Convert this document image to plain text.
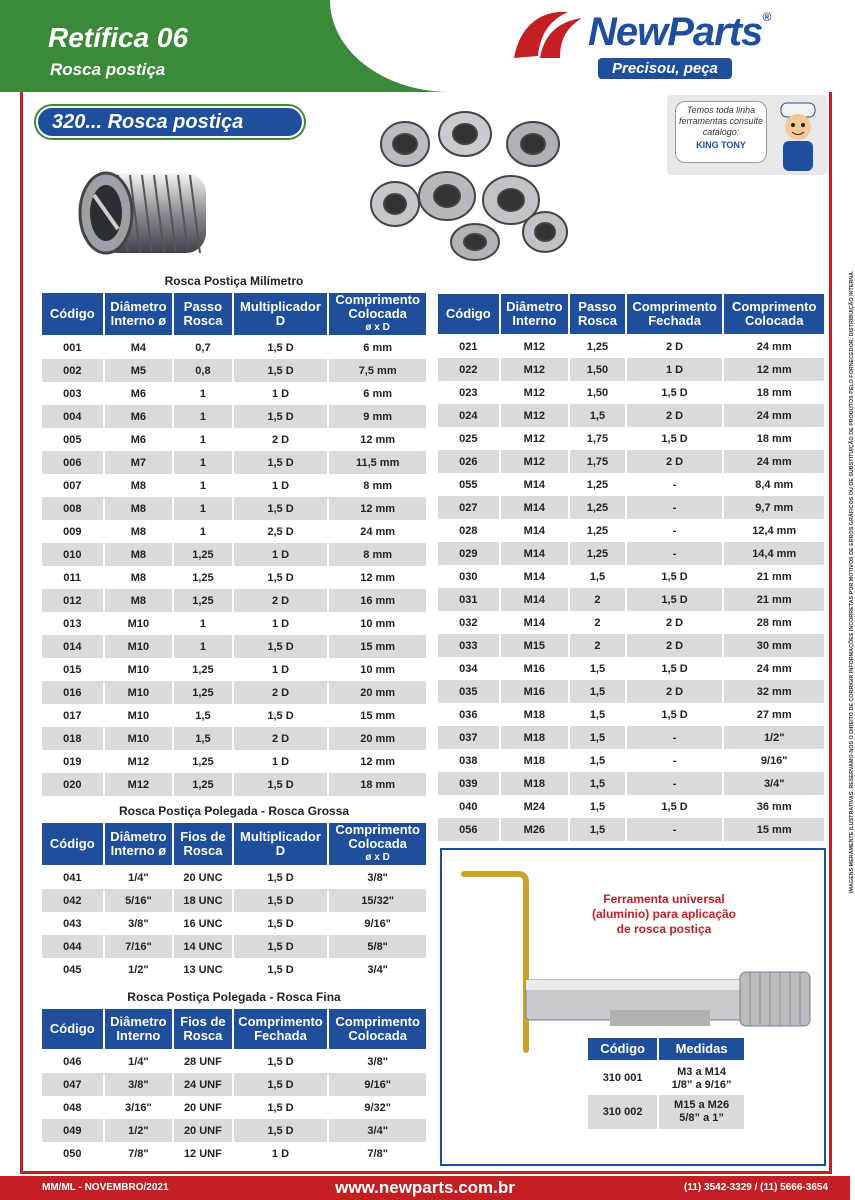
Retífica 06
Rosca postiça
NewParts®
Precisou, peça
320... Rosca postiça
Temos toda linha ferramentas consulte catálogo:
KING TONY
Rosca Postiça Milímetro				
Código	Diâmetro Interno ø	Passo Rosca	Multiplicador D	Comprimento Colocada
ø x D

001	M4	0,7	1,5 D	6 mm
002	M5	0,8	1,5 D	7,5 mm
003	M6	1	1 D	6 mm
004	M6	1	1,5 D	9 mm
005	M6	1	2 D	12 mm
006	M7	1	1,5 D	11,5 mm
007	M8	1	1 D	8 mm
008	M8	1	1,5 D	12 mm
009	M8	1	2,5 D	24 mm
010	M8	1,25	1 D	8 mm
011	M8	1,25	1,5 D	12 mm
012	M8	1,25	2 D	16 mm
013	M10	1	1 D	10 mm
014	M10	1	1,5 D	15 mm
015	M10	1,25	1 D	10 mm
016	M10	1,25	2 D	20 mm
017	M10	1,5	1,5 D	15 mm
018	M10	1,5	2 D	20 mm
019	M12	1,25	1 D	12 mm
020	M12	1,25	1,5 D	18 mm
Código	Diâmetro Interno	Passo Rosca	Comprimento Fechada	Comprimento Colocada
021	M12	1,25	2 D	24 mm
022	M12	1,50	1 D	12 mm
023	M12	1,50	1,5 D	18 mm
024	M12	1,5	2 D	24 mm
025	M12	1,75	1,5 D	18 mm
026	M12	1,75	2 D	24 mm
055	M14	1,25	-	8,4 mm
027	M14	1,25	-	9,7 mm
028	M14	1,25	-	12,4 mm
029	M14	1,25	-	14,4 mm
030	M14	1,5	1,5 D	21 mm
031	M14	2	1,5 D	21 mm
032	M14	2	2 D	28 mm
033	M15	2	2 D	30 mm
034	M16	1,5	1,5 D	24 mm
035	M16	1,5	2 D	32 mm
036	M18	1,5	1,5 D	27 mm
037	M18	1,5	-	1/2"
038	M18	1,5	-	9/16"
039	M18	1,5	-	3/4"
040	M24	1,5	1,5 D	36 mm
056	M26	1,5	-	15 mm
Rosca Postiça Polegada - Rosca Grossa				
Código	Diâmetro Interno ø	Fios de Rosca	Multiplicador D	Comprimento Colocada
ø x D

041	1/4"	20 UNC	1,5 D	3/8"
042	5/16"	18 UNC	1,5 D	15/32"
043	3/8"	16 UNC	1,5 D	9/16"
044	7/16"	14 UNC	1,5 D	5/8"
045	1/2"	13 UNC	1,5 D	3/4"
Rosca Postiça Polegada - Rosca Fina				
Código	Diâmetro Interno	Fios de Rosca	Comprimento Fechada	Comprimento Colocada
046	1/4"	28 UNF	1,5 D	3/8"
047	3/8"	24 UNF	1,5 D	9/16"
048	3/16"	20 UNF	1,5 D	9/32"
049	1/2"	20 UNF	1,5 D	3/4"
050	7/8"	12 UNF	1 D	7/8"
Ferramenta universal (alumínio) para aplicação de rosca postiça
Código	Medidas
310 001	M3 a M14
1/8” a 9/16”
310 002	M15 a M26
5/8” a 1”
IMAGENS MERAMENTE ILUSTRATIVAS. RESERVAMO-NOS O DIREITO DE CORRIGIR INFORMAÇÕES INCORRETAS POR MOTIVOS DE ERROS GRÁFICOS OU DE SUBSTITUIÇÃO DE PRODUTOS PELO FORNECEDOR. DISTRIBUIÇÃO INTERNA.
MM/ML - NOVEMBRO/2021	www.newparts.com.br	(11) 3542-3329 / (11) 5666-3654
